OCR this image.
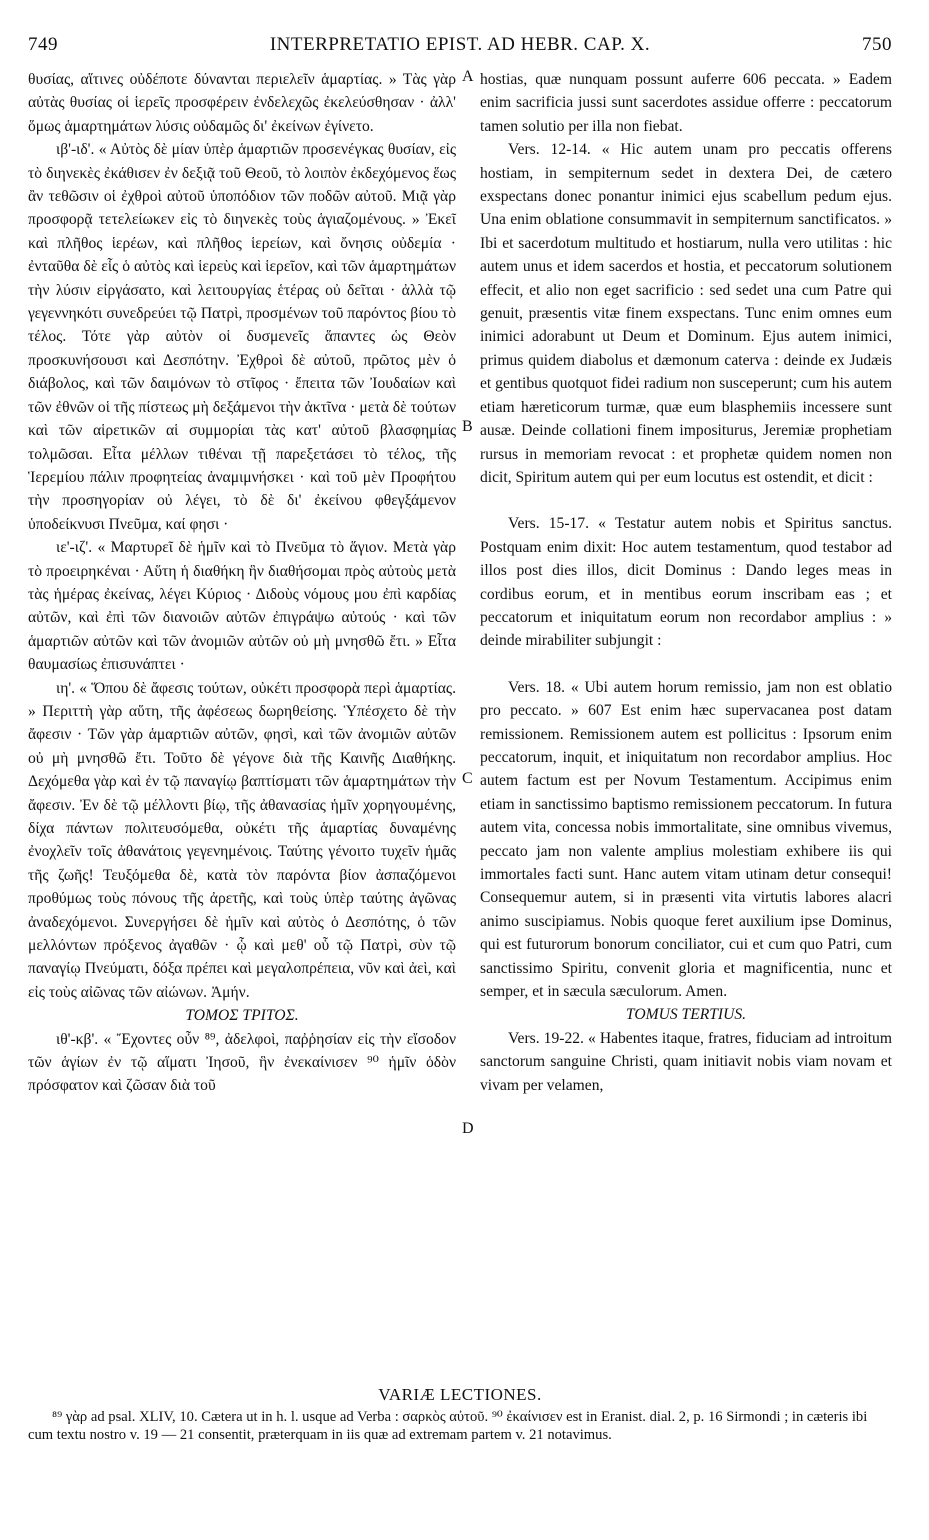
749	INTERPRETATIO EPIST. AD HEBR. CAP. X.	750

θυσίας, αἵτινες οὐδέποτε δύνανται περιελεῖν ἁμαρτίας. » Τὰς γὰρ αὐτὰς θυσίας οἱ ἱερεῖς προσφέρειν ἐνδελεχῶς ἐκελεύσθησαν · ἀλλ' ὅμως ἁμαρτημάτων λύσις οὐδαμῶς δι' ἐκείνων ἐγίνετο.

ιβ'-ιδ'. « Αὐτὸς δὲ μίαν ὑπὲρ ἁμαρτιῶν προσενέγκας θυσίαν, εἰς τὸ διηνεκὲς ἐκάθισεν ἐν δεξιᾷ τοῦ Θεοῦ, τὸ λοιπὸν ἐκδεχόμενος ἕως ἂν τεθῶσιν οἱ ἐχθροὶ αὐτοῦ ὑποπόδιον τῶν ποδῶν αὐτοῦ. Μιᾷ γὰρ προσφορᾷ τετελείωκεν εἰς τὸ διηνεκὲς τοὺς ἁγιαζομένους. » Ἐκεῖ καὶ πλῆθος ἱερέων, καὶ πλῆθος ἱερείων, καὶ ὄνησις οὐδεμία · ἐνταῦθα δὲ εἷς ὁ αὐτὸς καὶ ἱερεὺς καὶ ἱερεῖον, καὶ τῶν ἁμαρτημάτων τὴν λύσιν εἰργάσατο, καὶ λειτουργίας ἑτέρας οὐ δεῖται · ἀλλὰ τῷ γεγεννηκότι συνεδρεύει τῷ Πατρὶ, προσμένων τοῦ παρόντος βίου τὸ τέλος. Τότε γὰρ αὐτὸν οἱ δυσμενεῖς ἅπαντες ὡς Θεὸν προσκυνήσουσι καὶ Δεσπότην. Ἐχθροὶ δὲ αὐτοῦ, πρῶτος μὲν ὁ διάβολος, καὶ τῶν δαιμόνων τὸ στῖφος · ἔπειτα τῶν Ἰουδαίων καὶ τῶν ἐθνῶν οἱ τῆς πίστεως μὴ δεξάμενοι τὴν ἀκτῖνα · μετὰ δὲ τούτων καὶ τῶν αἱρετικῶν αἱ συμμορίαι τὰς κατ' αὐτοῦ βλασφημίας τολμῶσαι. Εἶτα μέλλων τιθέναι τῇ παρεξετάσει τὸ τέλος, τῆς Ἱερεμίου πάλιν προφητείας ἀναμιμνήσκει · καὶ τοῦ μὲν Προφήτου τὴν προσηγορίαν οὐ λέγει, τὸ δὲ δι' ἐκείνου φθεγξάμενον ὑποδείκνυσι Πνεῦμα, καί φησι ·

ιε'-ιζ'. « Μαρτυρεῖ δὲ ἡμῖν καὶ τὸ Πνεῦμα τὸ ἅγιον. Μετὰ γὰρ τὸ προειρηκέναι · Αὕτη ἡ διαθήκη ἣν διαθήσομαι πρὸς αὐτοὺς μετὰ τὰς ἡμέρας ἐκείνας, λέγει Κύριος · Διδοὺς νόμους μου ἐπὶ καρδίας αὐτῶν, καὶ ἐπὶ τῶν διανοιῶν αὐτῶν ἐπιγράψω αὐτούς · καὶ τῶν ἁμαρτιῶν αὐτῶν καὶ τῶν ἀνομιῶν αὐτῶν οὐ μὴ μνησθῶ ἔτι. » Εἶτα θαυμασίως ἐπισυνάπτει ·

ιη'. « Ὅπου δὲ ἄφεσις τούτων, οὐκέτι προσφορὰ περὶ ἁμαρτίας. » Περιττὴ γὰρ αὕτη, τῆς ἀφέσεως δωρηθείσης. Ὑπέσχετο δὲ τὴν ἄφεσιν · Τῶν γὰρ ἁμαρτιῶν αὐτῶν, φησὶ, καὶ τῶν ἀνομιῶν αὐτῶν οὐ μὴ μνησθῶ ἔτι. Τοῦτο δὲ γέγονε διὰ τῆς Καινῆς Διαθήκης. Δεχόμεθα γὰρ καὶ ἐν τῷ παναγίῳ βαπτίσματι τῶν ἁμαρτημάτων τὴν ἄφεσιν. Ἐν δὲ τῷ μέλλοντι βίῳ, τῆς ἀθανασίας ἡμῖν χορηγουμένης, δίχα πάντων πολιτευσόμεθα, οὐκέτι τῆς ἁμαρτίας δυναμένης ἐνοχλεῖν τοῖς ἀθανάτοις γεγενημένοις. Ταύτης γένοιτο τυχεῖν ἡμᾶς τῆς ζωῆς! Τευξόμεθα δὲ, κατὰ τὸν παρόντα βίον ἀσπαζόμενοι προθύμως τοὺς πόνους τῆς ἀρετῆς, καὶ τοὺς ὑπὲρ ταύτης ἀγῶνας ἀναδεχόμενοι. Συνεργήσει δὲ ἡμῖν καὶ αὐτὸς ὁ Δεσπότης, ὁ τῶν μελλόντων πρόξενος ἀγαθῶν · ᾧ καὶ μεθ' οὗ τῷ Πατρὶ, σὺν τῷ παναγίῳ Πνεύματι, δόξα πρέπει καὶ μεγαλοπρέπεια, νῦν καὶ ἀεὶ, καὶ εἰς τοὺς αἰῶνας τῶν αἰώνων. Ἀμήν.

ΤΟΜΟΣ ΤΡΙΤΟΣ.

ιθ'-κβ'. « Ἔχοντες οὖν ⁸⁹, ἀδελφοὶ, παῤῥησίαν εἰς τὴν εἴσοδον τῶν ἁγίων ἐν τῷ αἵματι Ἰησοῦ, ἣν ἐνεκαίνισεν ⁹⁰ ἡμῖν ὁδὸν πρόσφατον καὶ ζῶσαν διὰ τοῦ

A
B
C
D

hostias, quæ nunquam possunt auferre 606 peccata. » Eadem enim sacrificia jussi sunt sacerdotes assidue offerre : peccatorum tamen solutio per illa non fiebat.

Vers. 12-14. « Hic autem unam pro peccatis offerens hostiam, in sempiternum sedet in dextera Dei, de cætero exspectans donec ponantur inimici ejus scabellum pedum ejus. Una enim oblatione consummavit in sempiternum sanctificatos. » Ibi et sacerdotum multitudo et hostiarum, nulla vero utilitas : hic autem unus et idem sacerdos et hostia, et peccatorum solutionem effecit, et alio non eget sacrificio : sed sedet una cum Patre qui genuit, præsentis vitæ finem exspectans. Tunc enim omnes eum inimici adorabunt ut Deum et Dominum. Ejus autem inimici, primus quidem diabolus et dæmonum caterva : deinde ex Judæis et gentibus quotquot fidei radium non susceperunt; cum his autem etiam hæreticorum turmæ, quæ eum blasphemiis incessere sunt ausæ. Deinde collationi finem impositurus, Jeremiæ prophetiam rursus in memoriam revocat : et prophetæ quidem nomen non dicit, Spiritum autem qui per eum locutus est ostendit, et dicit :

Vers. 15-17. « Testatur autem nobis et Spiritus sanctus. Postquam enim dixit: Hoc autem testamentum, quod testabor ad illos post dies illos, dicit Dominus : Dando leges meas in cordibus eorum, et in mentibus eorum inscribam eas ; et peccatorum et iniquitatum eorum non recordabor amplius : » deinde mirabiliter subjungit :

Vers. 18. « Ubi autem horum remissio, jam non est oblatio pro peccato. » 607 Est enim hæc supervacanea post datam remissionem. Remissionem autem est pollicitus : Ipsorum enim peccatorum, inquit, et iniquitatum non recordabor amplius. Hoc autem factum est per Novum Testamentum. Accipimus enim etiam in sanctissimo baptismo remissionem peccatorum. In futura autem vita, concessa nobis immortalitate, sine omnibus vivemus, peccato jam non valente amplius molestiam exhibere iis qui immortales facti sunt. Hanc autem vitam utinam detur consequi! Consequemur autem, si in præsenti vita virtutis labores alacri animo suscipiamus. Nobis quoque feret auxilium ipse Dominus, qui est futurorum bonorum conciliator, cui et cum quo Patri, cum sanctissimo Spiritu, convenit gloria et magnificentia, nunc et semper, et in sæcula sæculorum. Amen.

TOMUS TERTIUS.

Vers. 19-22. « Habentes itaque, fratres, fiduciam ad introitum sanctorum sanguine Christi, quam initiavit nobis viam novam et vivam per velamen,

VARIÆ LECTIONES.

⁸⁹ γὰρ ad psal. XLIV, 10. Cætera ut in h. l. usque ad Verba : σαρκὸς αὐτοῦ. ⁹⁰ ἐκαίνισεν est in Eranist. dial. 2, p. 16 Sirmondi ; in cæteris ibi cum textu nostro v. 19 — 21 consentit, præterquam in iis quæ ad extremam partem v. 21 notavimus.
